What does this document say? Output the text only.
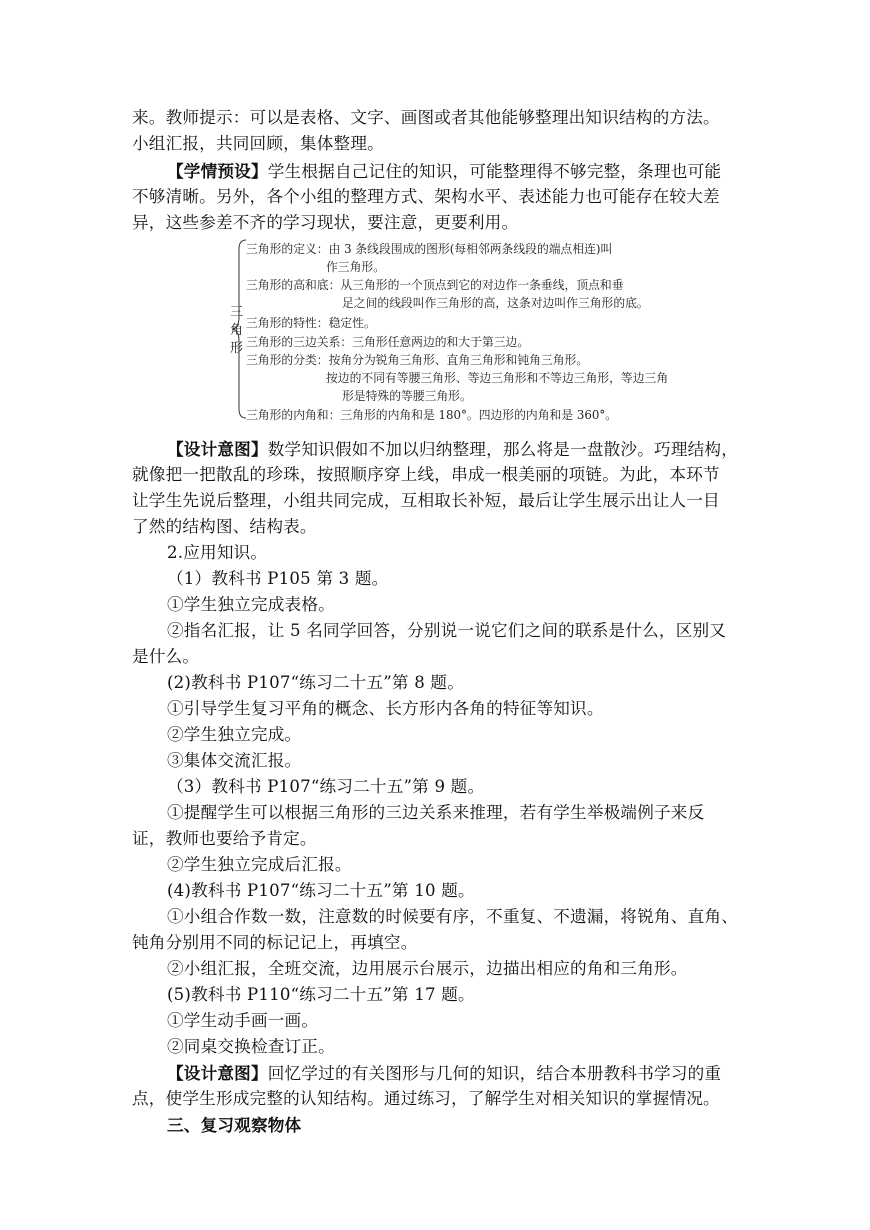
来。教师提示：可以是表格、文字、画图或者其他能够整理出知识结构的方法。
小组汇报，共同回顾，集体整理。
【学情预设】学生根据自己记住的知识，可能整理得不够完整，条理也可能
不够清晰。另外，各个小组的整理方式、架构水平、表述能力也可能存在较大差
异，这些参差不齐的学习现状，要注意，更要利用。
三
角
形
三角形的定义：由 3 条线段围成的图形(每相邻两条线段的端点相连)叫
作三角形。
三角形的高和底：从三角形的一个顶点到它的对边作一条垂线，顶点和垂
足之间的线段叫作三角形的高，这条对边叫作三角形的底。
三角形的特性：稳定性。
三角形的三边关系：三角形任意两边的和大于第三边。
三角形的分类：按角分为锐角三角形、直角三角形和钝角三角形。
按边的不同有等腰三角形、等边三角形和不等边三角形，等边三角
形是特殊的等腰三角形。
三角形的内角和：三角形的内角和是 180°。四边形的内角和是 360°。
【设计意图】数学知识假如不加以归纳整理，那么将是一盘散沙。巧理结构，
就像把一把散乱的珍珠，按照顺序穿上线，串成一根美丽的项链。为此，本环节
让学生先说后整理，小组共同完成，互相取长补短，最后让学生展示出让人一目
了然的结构图、结构表。
2.应用知识。
（1）教科书 P105 第 3 题。
①学生独立完成表格。
②指名汇报，让 5 名同学回答，分别说一说它们之间的联系是什么，区别又
是什么。
(2)教科书 P107“练习二十五”第 8 题。
①引导学生复习平角的概念、长方形内各角的特征等知识。
②学生独立完成。
③集体交流汇报。
（3）教科书 P107“练习二十五”第 9 题。
①提醒学生可以根据三角形的三边关系来推理，若有学生举极端例子来反
证，教师也要给予肯定。
②学生独立完成后汇报。
(4)教科书 P107“练习二十五”第 10 题。
①小组合作数一数，注意数的时候要有序，不重复、不遗漏，将锐角、直角、
钝角分别用不同的标记记上，再填空。
②小组汇报，全班交流，边用展示台展示，边描出相应的角和三角形。
(5)教科书 P110“练习二十五”第 17 题。
①学生动手画一画。
②同桌交换检查订正。
【设计意图】回忆学过的有关图形与几何的知识，结合本册教科书学习的重
点，使学生形成完整的认知结构。通过练习，了解学生对相关知识的掌握情况。
三、复习观察物体
